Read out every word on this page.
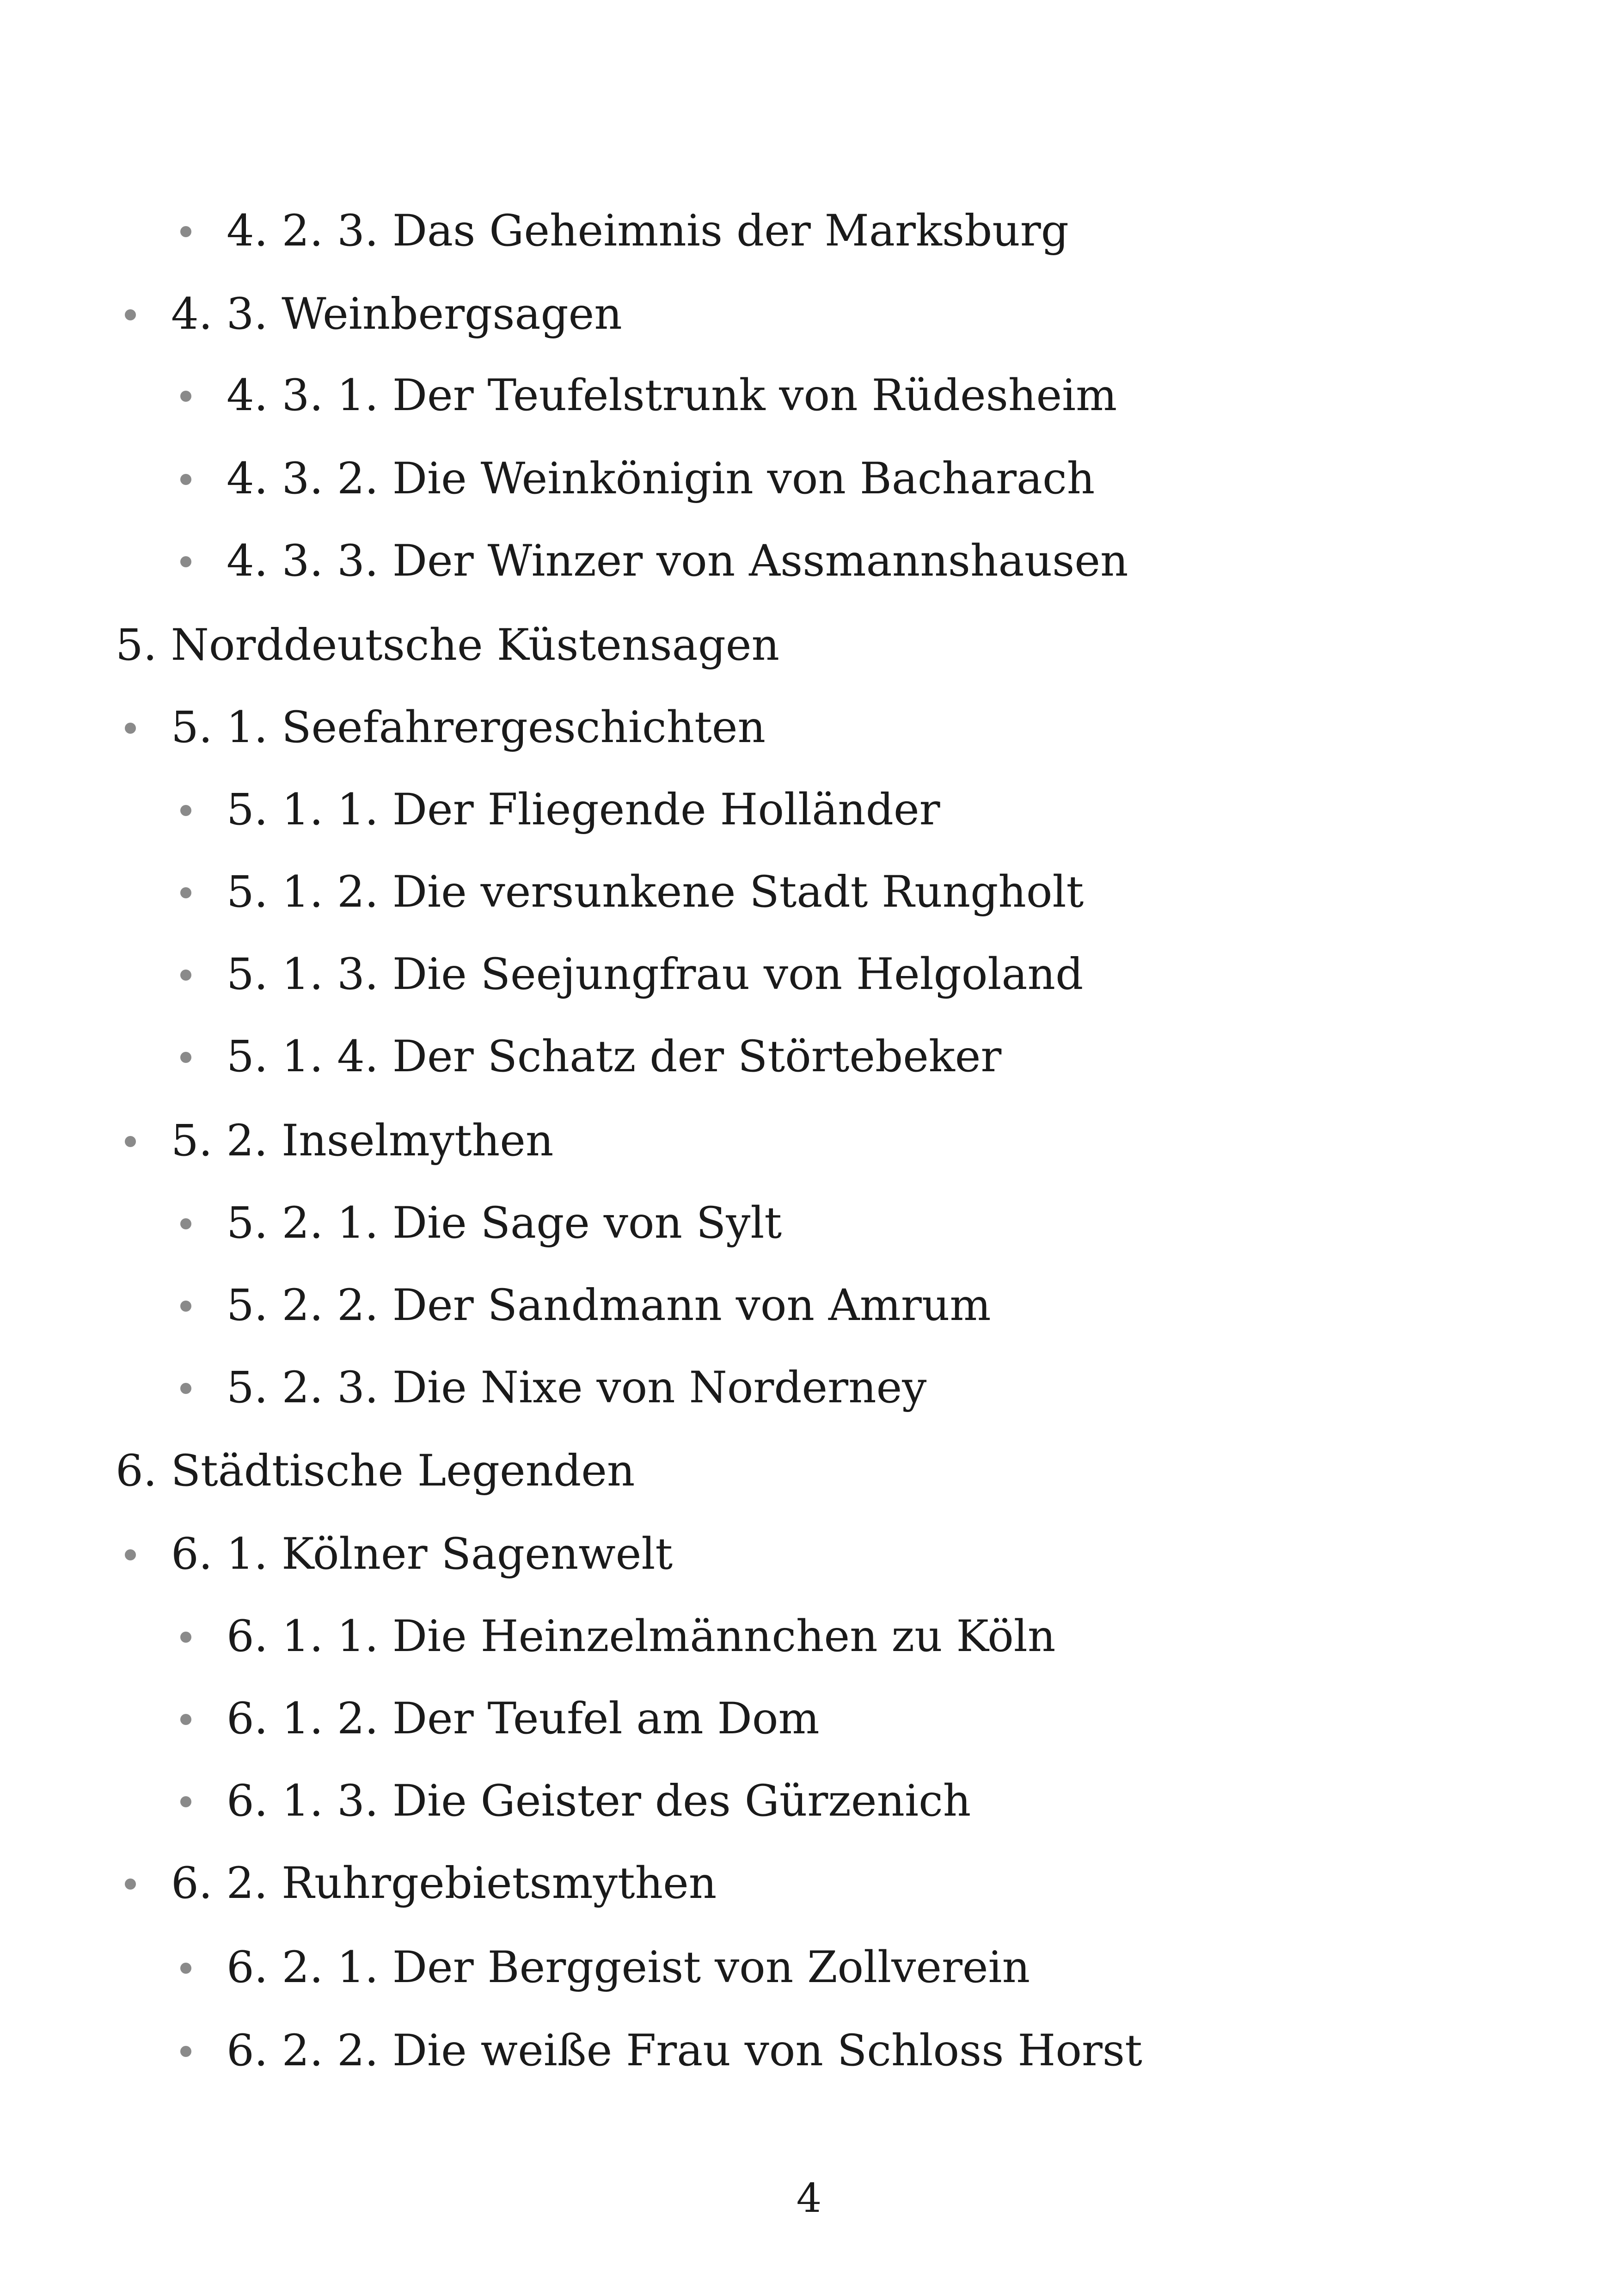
4. 2. 3. Das Geheimnis der Marksburg
4. 3. Weinbergsagen
4. 3. 1. Der Teufelstrunk von Rüdesheim
4. 3. 2. Die Weinkönigin von Bacharach
4. 3. 3. Der Winzer von Assmannshausen
5. Norddeutsche Küstensagen
5. 1. Seefahrergeschichten
5. 1. 1. Der Fliegende Holländer
5. 1. 2. Die versunkene Stadt Rungholt
5. 1. 3. Die Seejungfrau von Helgoland
5. 1. 4. Der Schatz der Störtebeker
5. 2. Inselmythen
5. 2. 1. Die Sage von Sylt
5. 2. 2. Der Sandmann von Amrum
5. 2. 3. Die Nixe von Norderney
6. Städtische Legenden
6. 1. Kölner Sagenwelt
6. 1. 1. Die Heinzelmännchen zu Köln
6. 1. 2. Der Teufel am Dom
6. 1. 3. Die Geister des Gürzenich
6. 2. Ruhrgebietsmythen
6. 2. 1. Der Berggeist von Zollverein
6. 2. 2. Die weiße Frau von Schloss Horst
4
